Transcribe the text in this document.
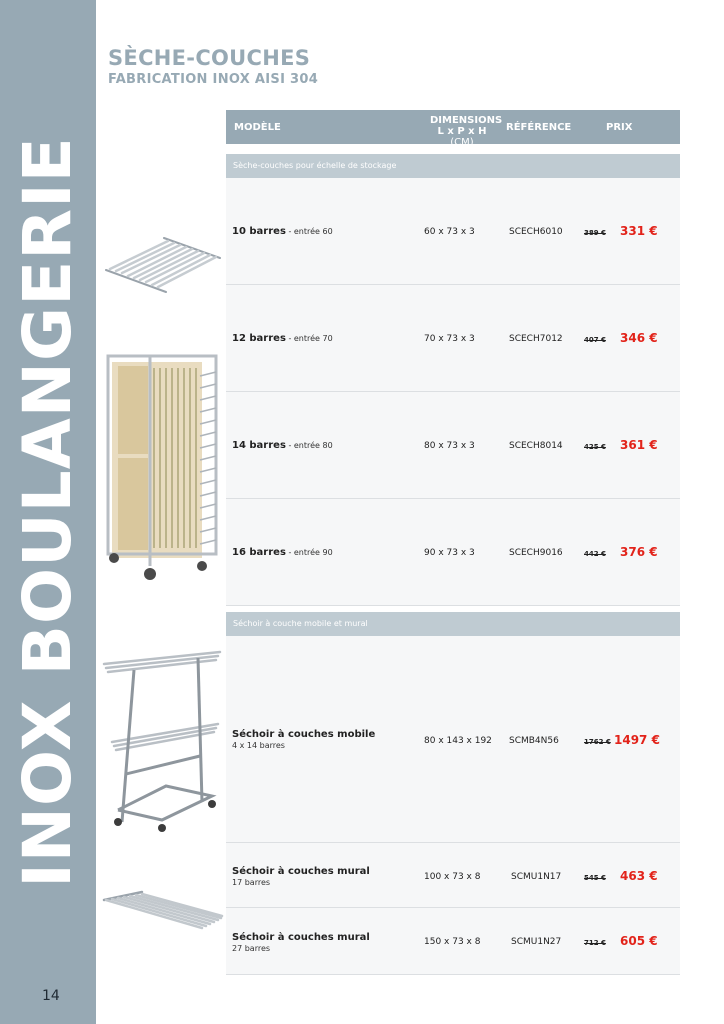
INOX BOULANGERIE
14
SÈCHE-COUCHES
FABRICATION INOX AISI 304
MODÈLE
DIMENSIONS
L x P x H (CM)
RÉFÉRENCE	PRIX
Sèche-couches pour échelle de stockage
10 barres - entrée 60	60 x 73 x 3	SCECH6010	389 € 331 €
12 barres - entrée 70	70 x 73 x 3	SCECH7012	407 € 346 €
14 barres - entrée 80	80 x 73 x 3	SCECH8014	425 € 361 €
16 barres - entrée 90	90 x 73 x 3	SCECH9016	442 € 376 €
Séchoir à couche mobile et mural
Séchoir à couches mobile
4 x 14 barres	80 x 143 x 192 SCMB4N56	1762 € 1497 €
Séchoir à couches mural
17 barres
100 x 73 x 8	SCMU1N17	545 € 463 €
Séchoir à couches mural
27 barres
150 x 73 x 8	SCMU1N27	712 € 605 €
